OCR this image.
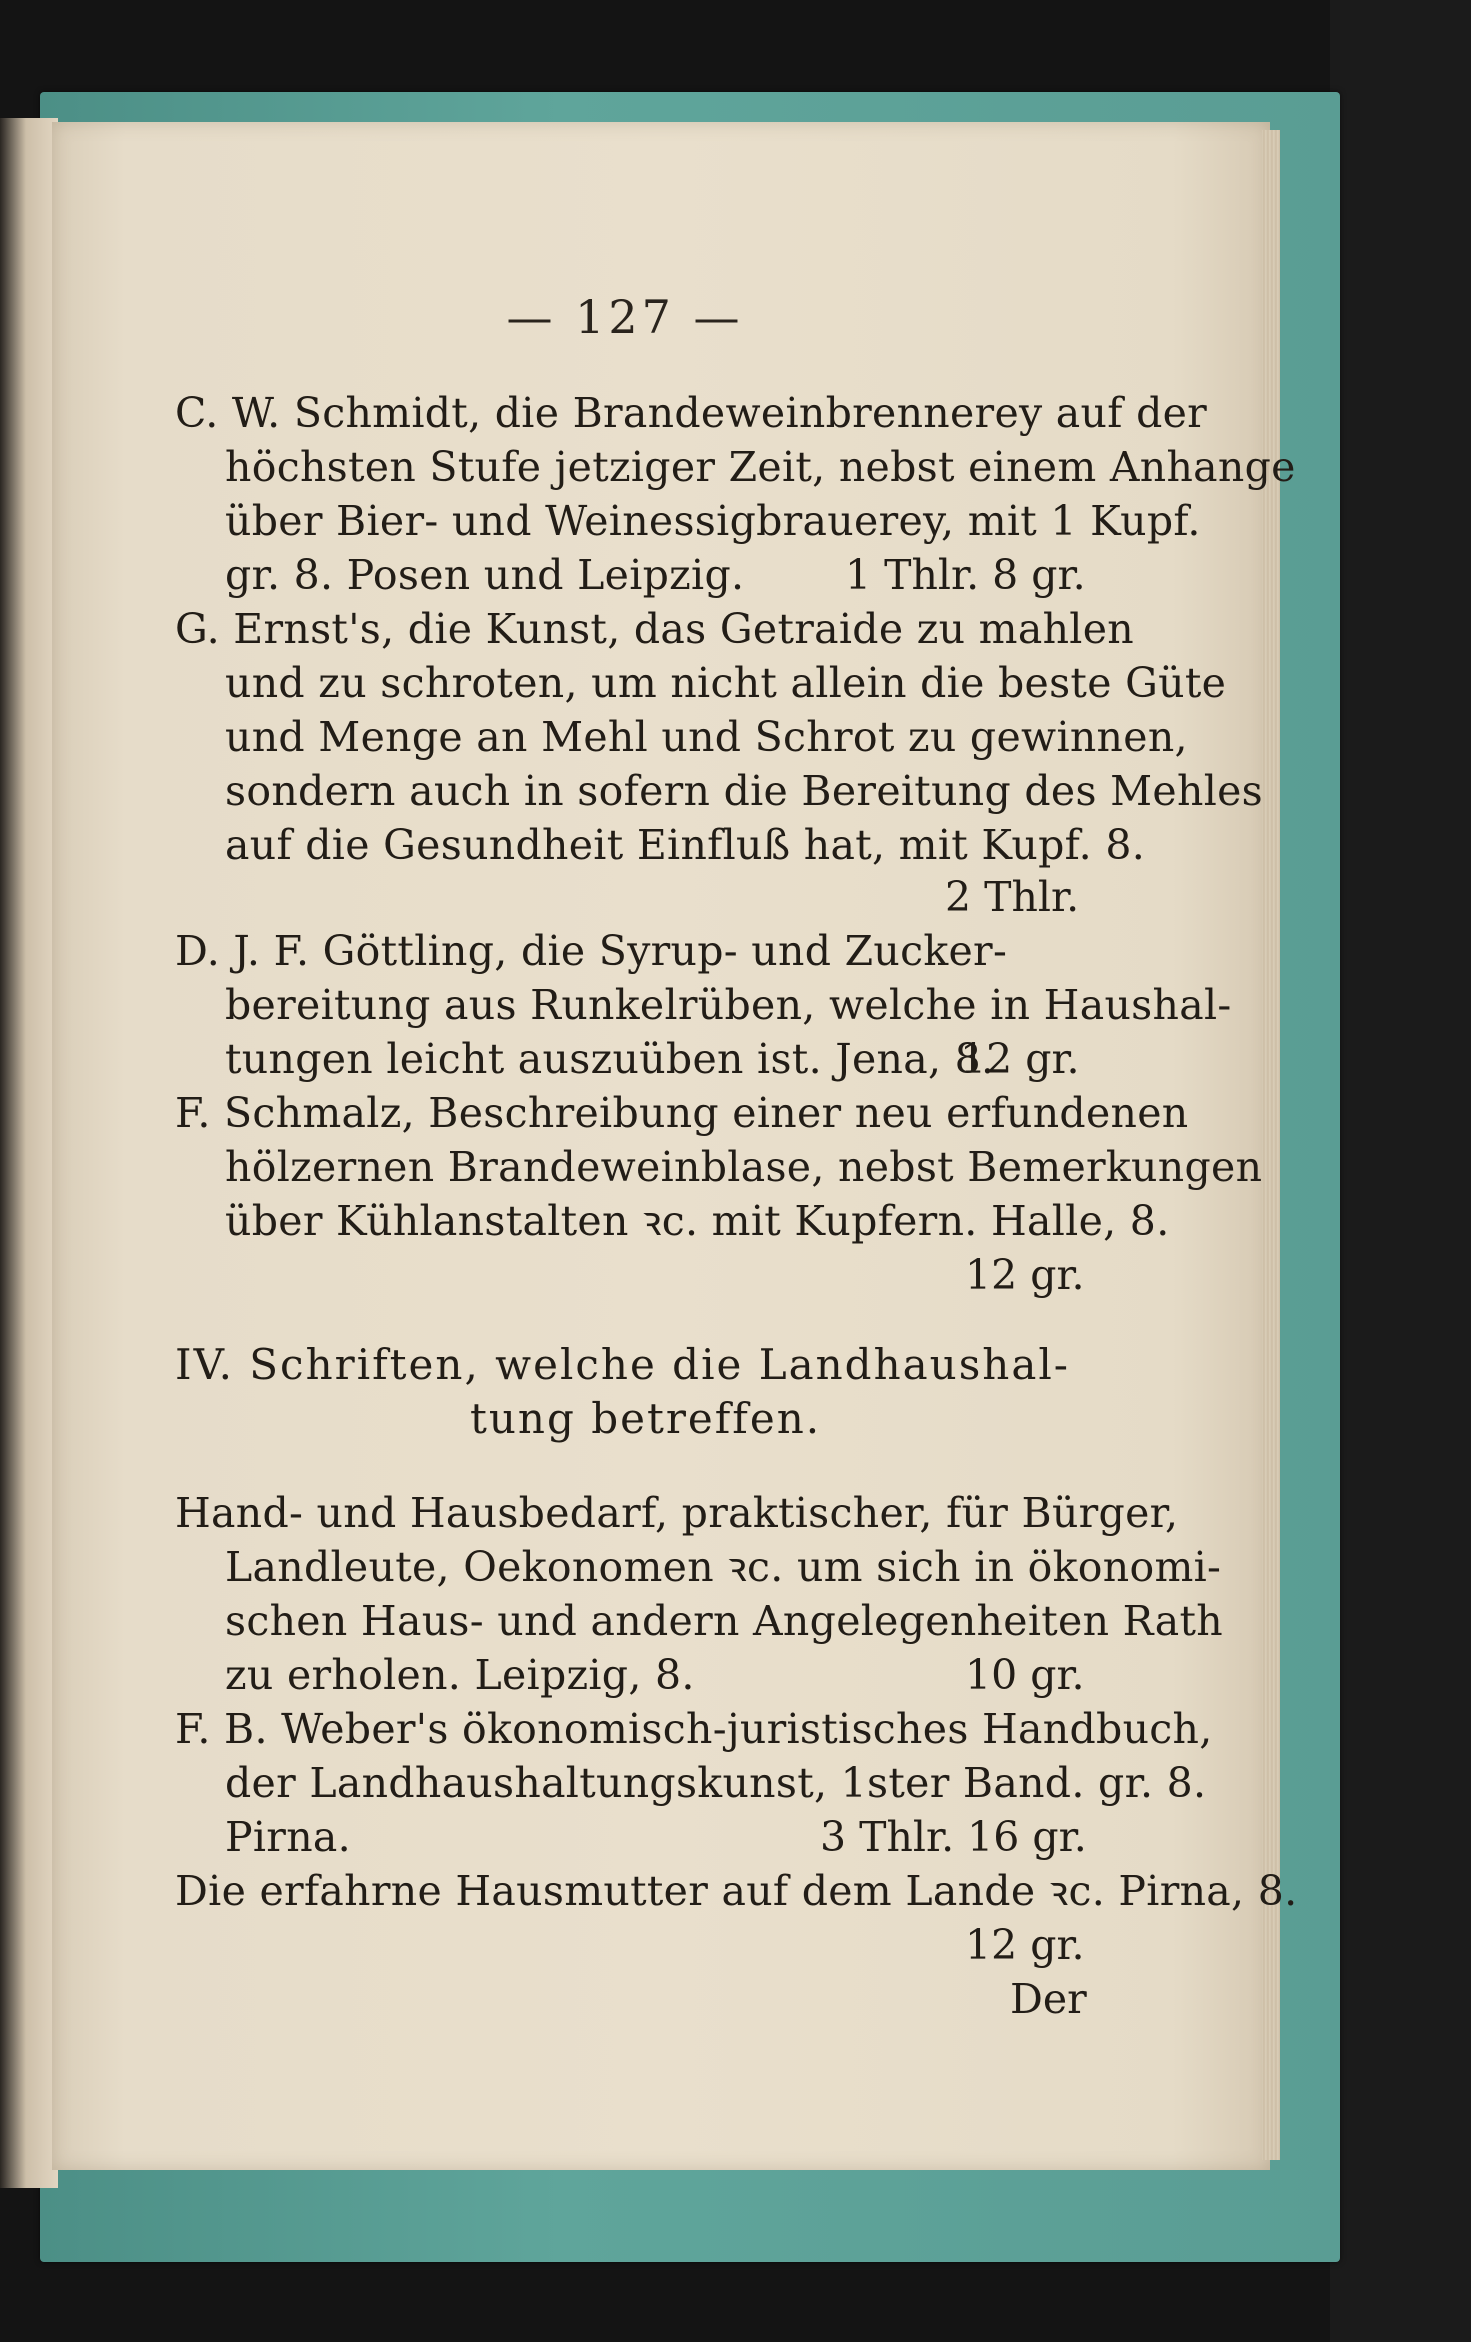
— 127 —
C. W. Schmidt, die Brandeweinbrennerey auf der
höchsten Stufe jetziger Zeit, nebst einem Anhange
über Bier- und Weinessigbrauerey, mit 1 Kupf.
gr. 8. Posen und Leipzig. 1 Thlr. 8 gr.
G. Ernst's, die Kunst, das Getraide zu mahlen
und zu schroten, um nicht allein die beste Güte
und Menge an Mehl und Schrot zu gewinnen,
sondern auch in sofern die Bereitung des Mehles
auf die Gesundheit Einfluß hat, mit Kupf. 8.
2 Thlr.
D. J. F. Göttling, die Syrup- und Zucker-
bereitung aus Runkelrüben, welche in Haushal-
tungen leicht auszuüben ist. Jena, 8.
12 gr.
F. Schmalz, Beschreibung einer neu erfundenen
hölzernen Brandeweinblase, nebst Bemerkungen
über Kühlanstalten ꝛc. mit Kupfern. Halle, 8.
12 gr.
IV. Schriften, welche die Landhaushal-
tung betreffen.
Hand- und Hausbedarf, praktischer, für Bürger,
Landleute, Oekonomen ꝛc. um sich in ökonomi-
schen Haus- und andern Angelegenheiten Rath
zu erholen. Leipzig, 8.	10 gr.
F. B. Weber's ökonomisch-juristisches Handbuch,
der Landhaushaltungskunst, 1ster Band. gr. 8.
Pirna.	3 Thlr. 16 gr.
Die erfahrne Hausmutter auf dem Lande ꝛc. Pirna, 8.
12 gr.
Der
